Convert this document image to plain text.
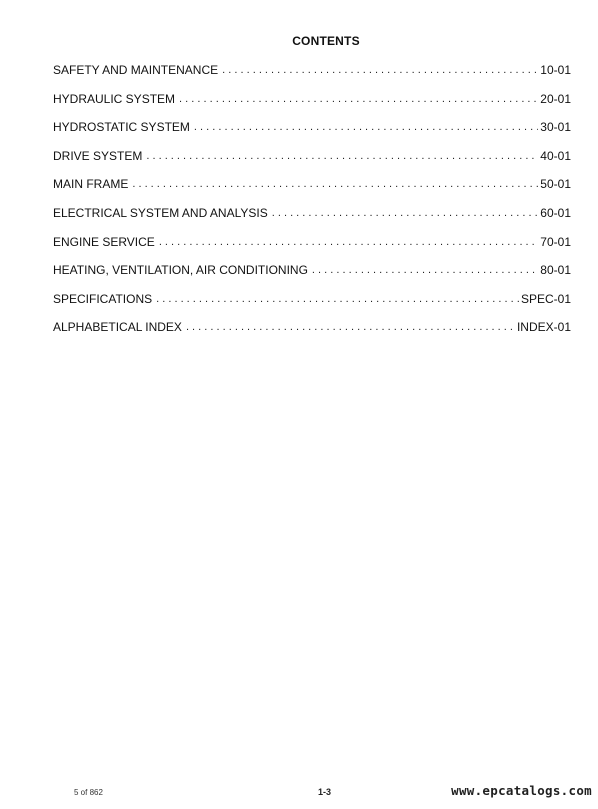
CONTENTS
SAFETY AND MAINTENANCE . . .	10-01
HYDRAULIC SYSTEM . . .	20-01
HYDROSTATIC SYSTEM . . .	30-01
DRIVE SYSTEM . . .	40-01
MAIN FRAME . . .	50-01
ELECTRICAL SYSTEM AND ANALYSIS . . .	60-01
ENGINE SERVICE . . .	70-01
HEATING, VENTILATION, AIR CONDITIONING . . .	80-01
SPECIFICATIONS . . .	SPEC-01
ALPHABETICAL INDEX . . .	INDEX-01
5 of 862	1-3	www.epcatalogs.com
